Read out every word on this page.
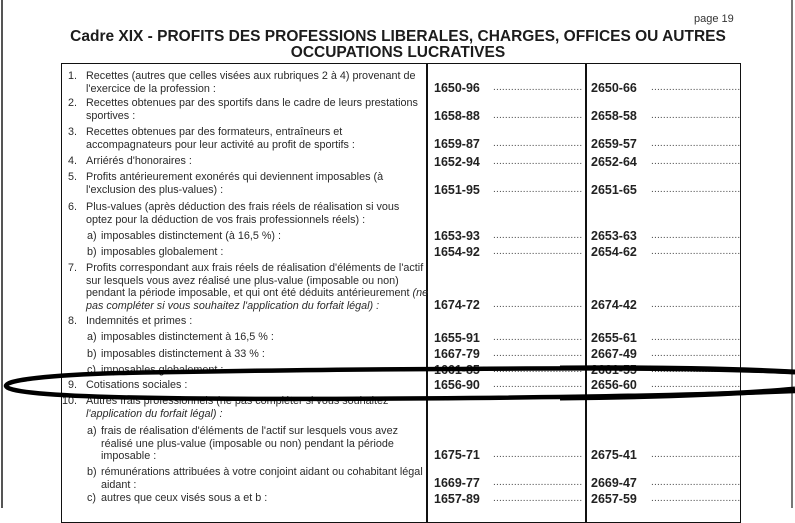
page 19
Cadre XIX - PROFITS DES PROFESSIONS LIBERALES, CHARGES, OFFICES OU AUTRES
OCCUPATIONS LUCRATIVES
1. Recettes (autres que celles visées aux rubriques 2 à 4) provenant de
l'exercice de la profession :	1650-96 .............................. 2650-66 ..............................
2. Recettes obtenues par des sportifs dans le cadre de leurs prestations
sportives :	1658-88 .............................. 2658-58 ..............................
3. Recettes obtenues par des formateurs, entraîneurs et
accompagnateurs pour leur activité au profit de sportifs :	1659-87 .............................. 2659-57 ..............................
4. Arriérés d'honoraires :	1652-94 .............................. 2652-64 ..............................
5. Profits antérieurement exonérés qui deviennent imposables (à
l'exclusion des plus-values) :	1651-95 .............................. 2651-65 ..............................
6. Plus-values (après déduction des frais réels de réalisation si vous
optez pour la déduction de vos frais professionnels réels) :
a) imposables distinctement (à 16,5 %) :	1653-93 .............................. 2653-63 ..............................
b) imposables globalement :	1654-92 .............................. 2654-62 ..............................
7. Profits correspondant aux frais réels de réalisation d'éléments de l'actif
sur lesquels vous avez réalisé une plus-value (imposable ou non)
pendant la période imposable, et qui ont été déduits antérieurement (ne
pas compléter si vous souhaitez l'application du forfait légal) :	1674-72 .............................. 2674-42 ..............................
8. Indemnités et primes :
a) imposables distinctement à 16,5 % :	1655-91 .............................. 2655-61 ..............................
b) imposables distinctement à 33 % :	1667-79 .............................. 2667-49 ..............................
c) imposables globalement :	1661-85 .............................. 2661-55 ..............................
9. Cotisations sociales :	1656-90 .............................. 2656-60 ..............................
10. Autres frais professionnels (ne pas compléter si vous souhaitez
l'application du forfait légal) :
a) frais de réalisation d'éléments de l'actif sur lesquels vous avez
réalisé une plus-value (imposable ou non) pendant la période
imposable :	1675-71 .............................. 2675-41 ..............................
b) rémunérations attribuées à votre conjoint aidant ou cohabitant légal
aidant :	1669-77 .............................. 2669-47 ..............................
c) autres que ceux visés sous a et b :	1657-89 .............................. 2657-59 ..............................
